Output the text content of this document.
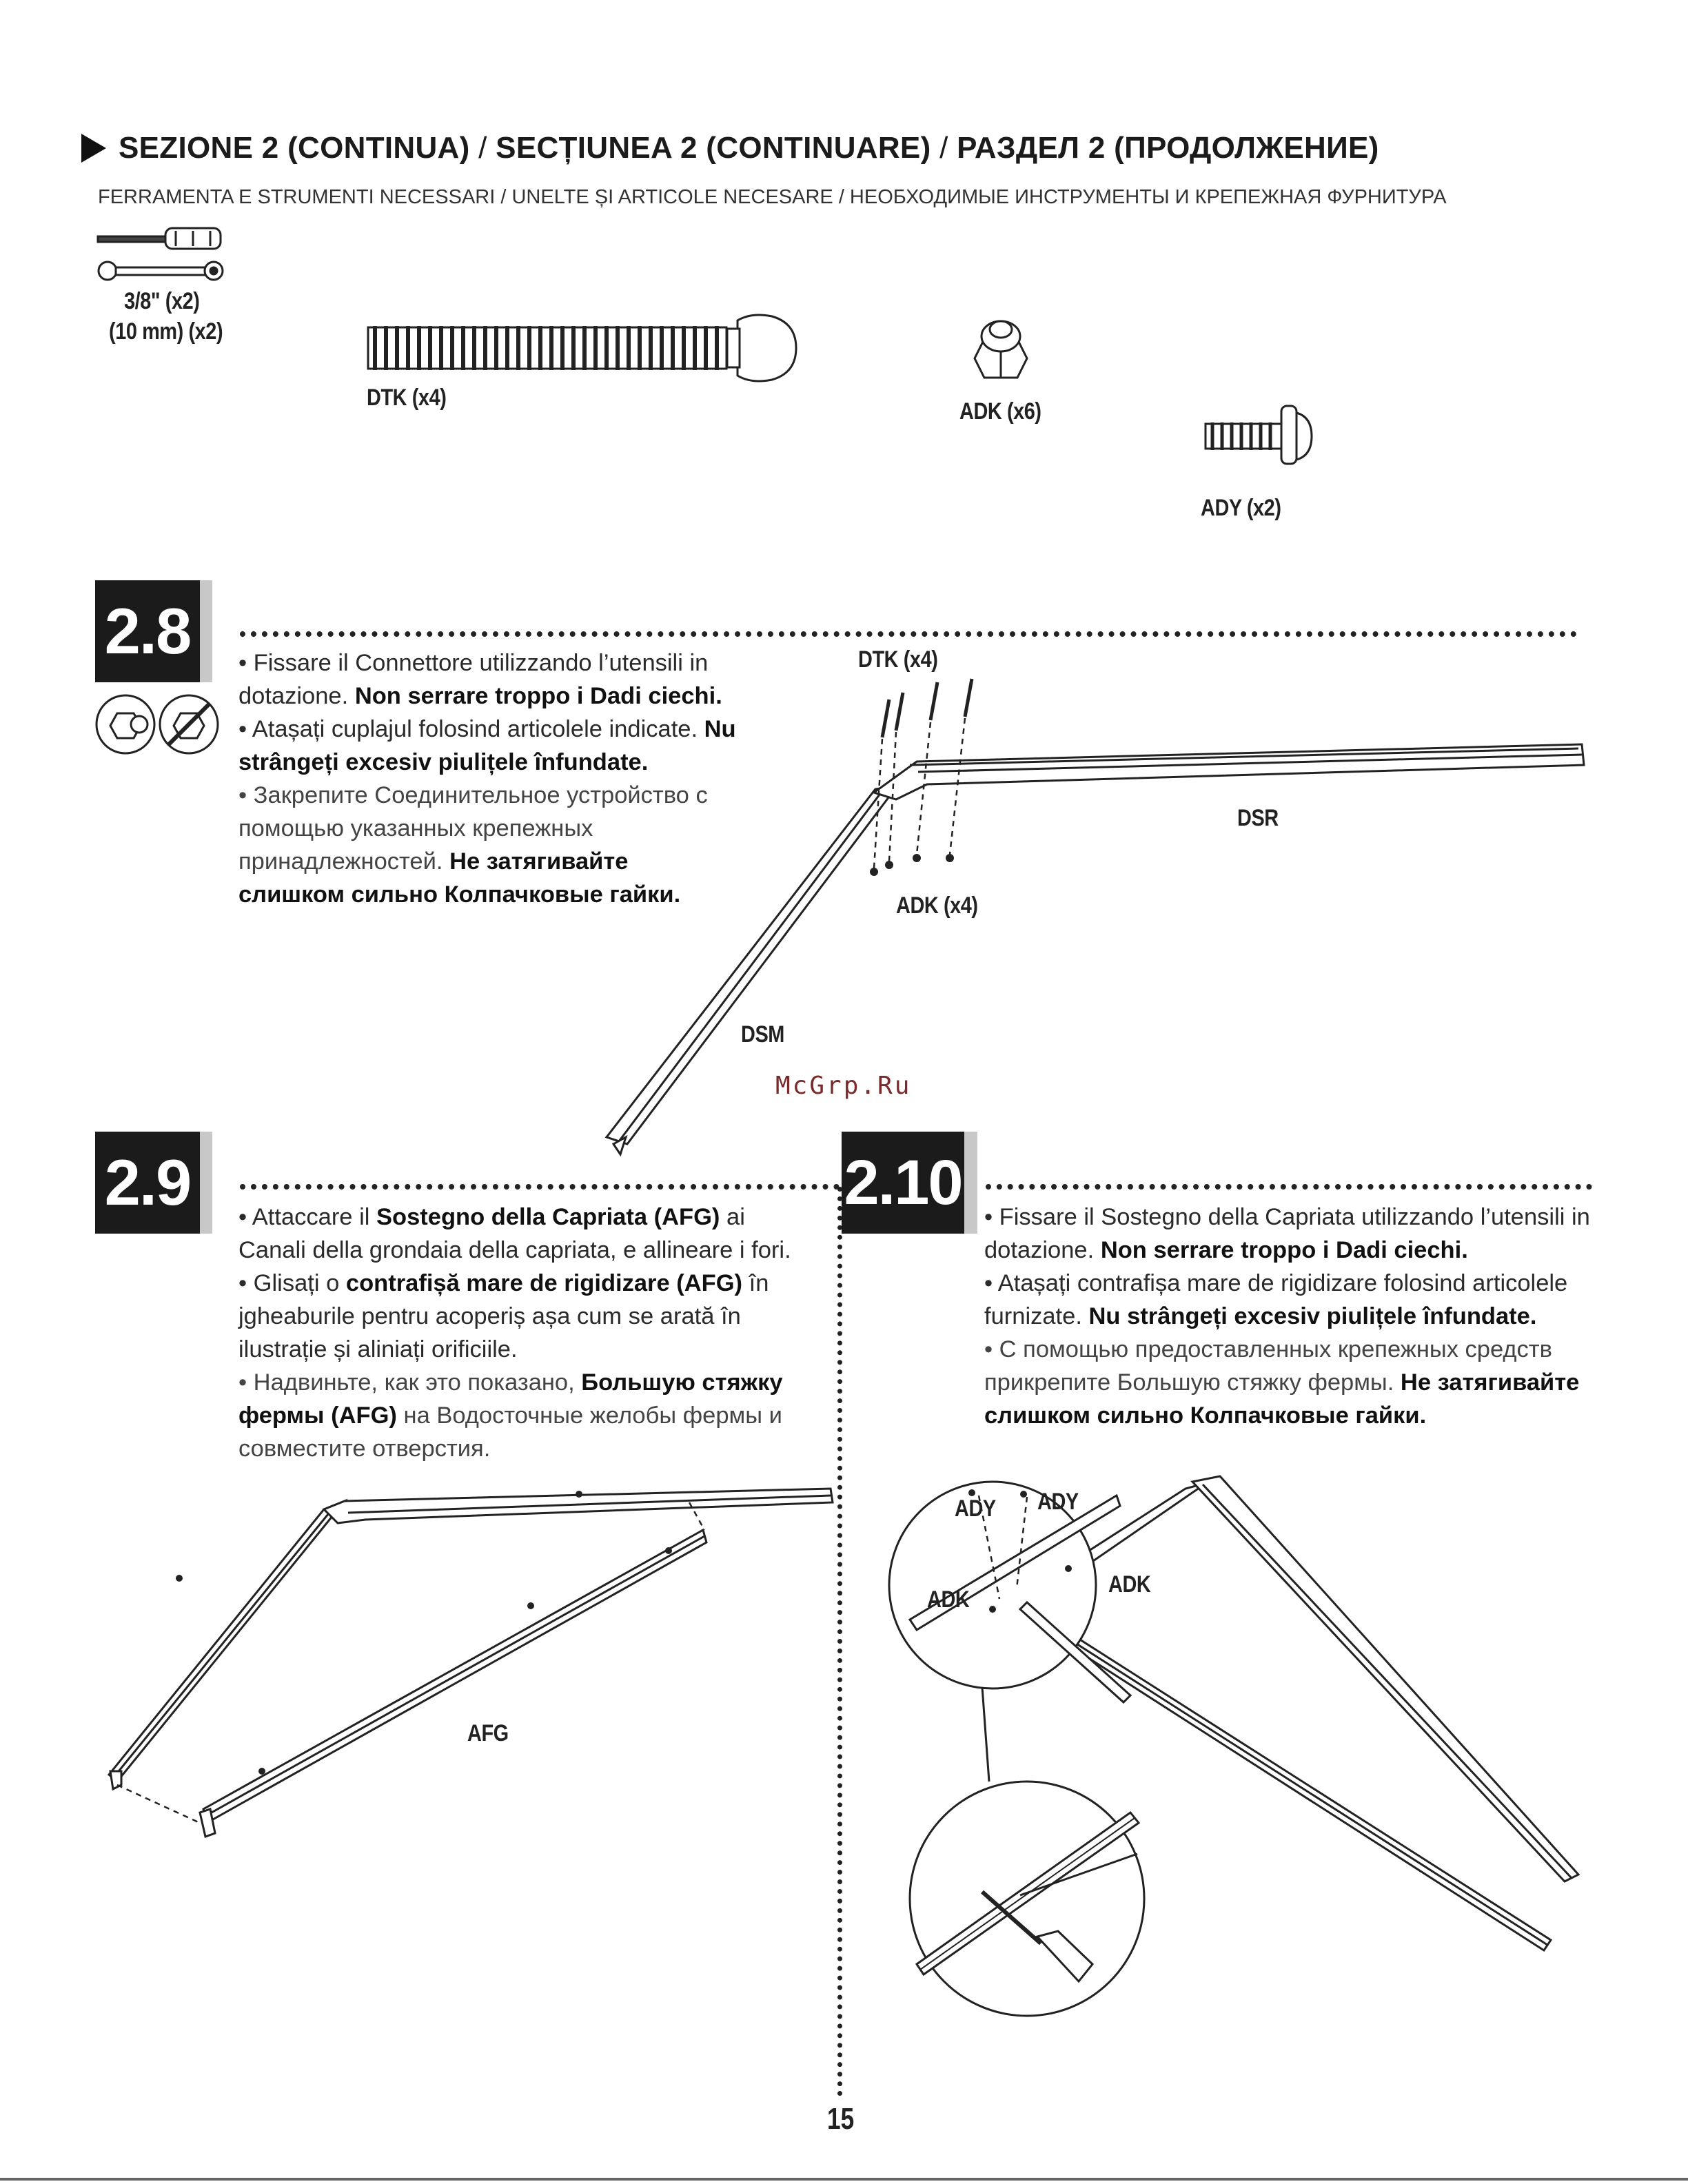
SEZIONE 2 (CONTINUA) / SECȚIUNEA 2 (CONTINUARE) / РАЗДЕЛ 2 (ПРОДОЛЖЕНИЕ)
FERRAMENTA E STRUMENTI NECESSARI / UNELTE ȘI ARTICOLE NECESARE / НЕОБХОДИМЫЕ ИНСТРУМЕНТЫ И КРЕПЕЖНАЯ ФУРНИТУРА
3/8" (x2)
(10 mm) (x2)
DTK (x4)
ADK (x6)
ADY (x2)
2.8	• Fissare il Connettore utilizzando l’utensili in dotazione. Non serrare troppo i Dadi ciechi.

• Atașați cuplajul folosind articolele indicate. Nu strângeți excesiv piulițele înfundate.

• Закрепите Соединительное устройство с помощью указанных крепежных принадлежностей. Не затягивайте слишком сильно Колпачковые гайки.

DTK (x4)
ADK (x4)
DSR
DSM
McGrp.Ru
2.9	• Attaccare il Sostegno della Capriata (AFG) ai Canali della grondaia della capriata, e allineare i fori.

• Glisați o contrafișă mare de rigidizare (AFG) în jgheaburile pentru acoperiș așa cum se arată în ilustrație și aliniați orificiile.

• Надвиньте, как это показано, Большую стяжку фермы (AFG) на Водосточные желобы фермы и совместите отверстия.

AFG
2.10 • Fissare il Sostegno della Capriata utilizzando l’utensili in dotazione. Non serrare troppo i Dadi ciechi.

• Atașați contrafișa mare de rigidizare folosind articolele furnizate. Nu strângeți excesiv piulițele înfundate.

• С помощью предоставленных крепежных средств прикрепите Большую стяжку фермы. Не затягивайте слишком сильно Колпачковые гайки.

ADY ADY
ADK
ADK
15
